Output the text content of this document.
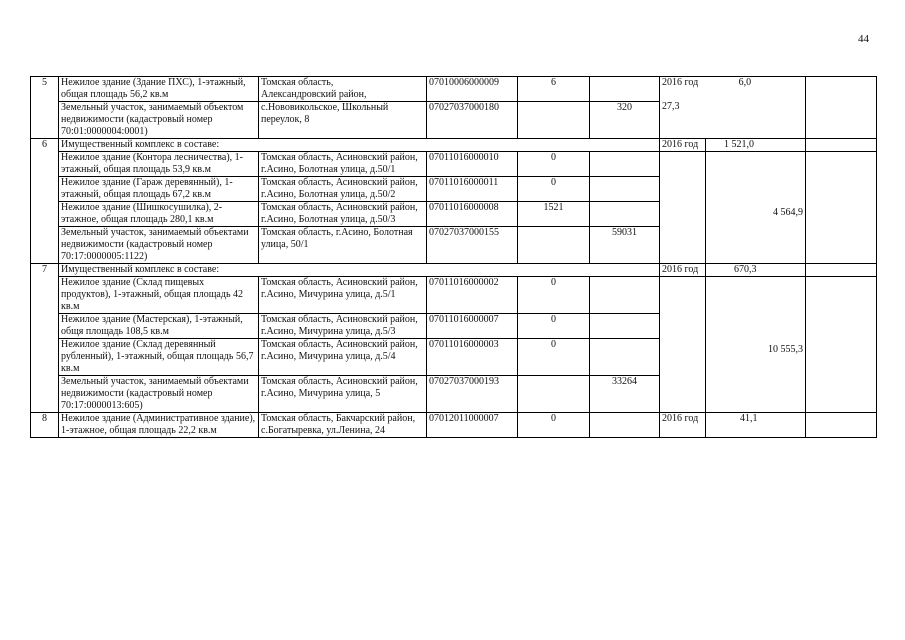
44
5	Нежилое здание (Здание ПХС), 1-этажный, общая площадь 56,2 кв.м	Томская область,
Александровский район,	07010006000009	6		2016 год 6,0
27,3		

	Земельный участок, занимаемый объектом недвижимости (кадастровый номер 70:01:0000004:0001)	с.Нововикольское, Школьный переулок, 8	07027037000180		320			
6	Имущественный комплекс в составе:					2016 год	1 521,0	
	Нежилое здание (Контора лесничества), 1-этажный, общая площадь 53,9 кв.м	Томская область, Асиновский район, г.Асино, Болотная улица, д.50/1	07011016000010	0			4 564,9	
	Нежилое здание (Гараж деревянный), 1-этажный, общая площадь 67,2 кв.м	Томская область, Асиновский район, г.Асино, Болотная улица, д.50/2	07011016000011	0				
	Нежилое здание (Шишкосушилка), 2-этажное, общая площадь 280,1 кв.м	Томская область, Асиновский район, г.Асино, Болотная улица, д.50/3	07011016000008	1521				
	Земельный участок, занимаемый объектами недвижимости (кадастровый номер 70:17:0000005:1122)	Томская область, г.Асино, Болотная улица, 50/1	07027037000155		59031			
7	Имущественный комплекс в составе:					2016 год	670,3	
	Нежилое здание (Склад пищевых продуктов), 1-этажный, общая площадь 42 кв.м	Томская область, Асиновский район, г.Асино, Мичурина улица, д.5/1	07011016000002	0			10 555,3	
	Нежилое здание (Мастерская), 1-этажный, общя площадь 108,5 кв.м	Томская область, Асиновский район, г.Асино, Мичурина улица, д.5/3	07011016000007	0				
	Нежилое здание (Склад деревянный рубленный), 1-этажный, общая площадь 56,7 кв.м	Томская область, Асиновский район, г.Асино, Мичурина улица, д.5/4	07011016000003	0				
	Земельный участок, занимаемый объектами недвижимости (кадастровый номер 70:17:0000013:605)	Томская область, Асиновский район, г.Асино, Мичурина улица, 5	07027037000193		33264			
8	Нежилое здание (Административное здание), 1-этажное, общая площадь 22,2 кв.м	Томская область, Бакчарский район, с.Богатыревка, ул.Ленина, 24	07012011000007	0		2016 год	41,1	
